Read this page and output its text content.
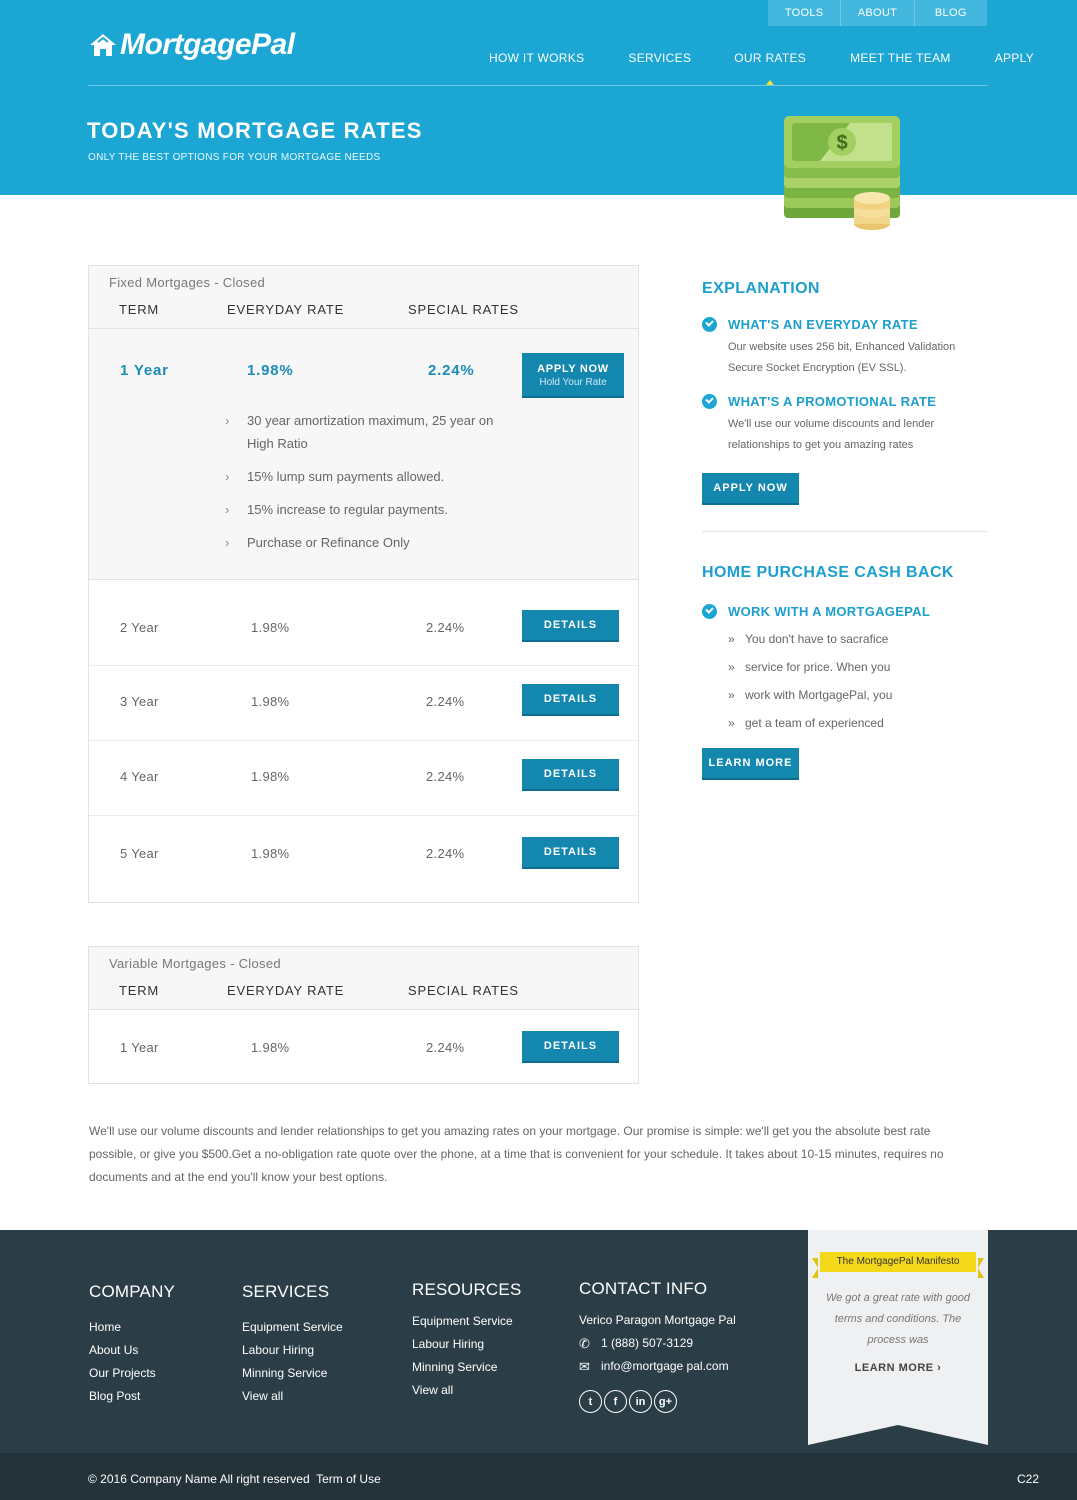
TOOLS	ABOUT	BLOG
MortgagePal	HOW IT WORKS	SERVICES	OUR RATES	MEET THE TEAM	APPLY
TODAY'S MORTGAGE RATES
ONLY THE BEST OPTIONS FOR YOUR MORTGAGE NEEDS
$
Fixed Mortgages - Closed
TERM	EVERYDAY RATE	SPECIAL RATES
1 Year	1.98%	2.24%	APPLY NOW
Hold Your Rate
› 30 year amortization maximum, 25 year on High Ratio
› 15% lump sum payments allowed.
› 15% increase to regular payments.
› Purchase or Refinance Only
2 Year	1.98%	2.24%	DETAILS
3 Year	1.98%	2.24%	DETAILS
4 Year	1.98%	2.24%	DETAILS
5 Year	1.98%	2.24%	DETAILS
Variable Mortgages - Closed
TERM	EVERYDAY RATE	SPECIAL RATES
1 Year	1.98%	2.24%	DETAILS
EXPLANATION
WHAT'S AN EVERYDAY RATE
Our website uses 256 bit, Enhanced Validation Secure Socket Encryption (EV SSL).
WHAT'S A PROMOTIONAL RATE
We'll use our volume discounts and lender relationships to get you amazing rates
APPLY NOW
HOME PURCHASE CASH BACK
WORK WITH A MORTGAGEPAL
» You don't have to sacrafice
» service for price. When you
» work with MortgagePal, you
» get a team of experienced
LEARN MORE

We'll use our volume discounts and lender relationships to get you amazing rates on your mortgage. Our promise is simple: we'll get you the absolute best rate possible, or give you $500.Get a no-obligation rate quote over the phone, at a time that is convenient for your schedule. It takes about 10-15 minutes, requires no documents and at the end you'll know your best options.

COMPANY
Home
About Us
Our Projects
Blog Post
SERVICES
Equipment Service
Labour Hiring
Minning Service
View all
RESOURCES
Equipment Service
Labour Hiring
Minning Service
View all
CONTACT INFO
Verico Paragon Mortgage Pal
✆ 1 (888) 507-3129
✉ info@mortgage pal.com
t	f	in	g+
The MortgagePal Manifesto
We got a great rate with good terms and conditions. The process was
LEARN MORE ›
© 2016 Company Name All right reserved Term of Use	C22
